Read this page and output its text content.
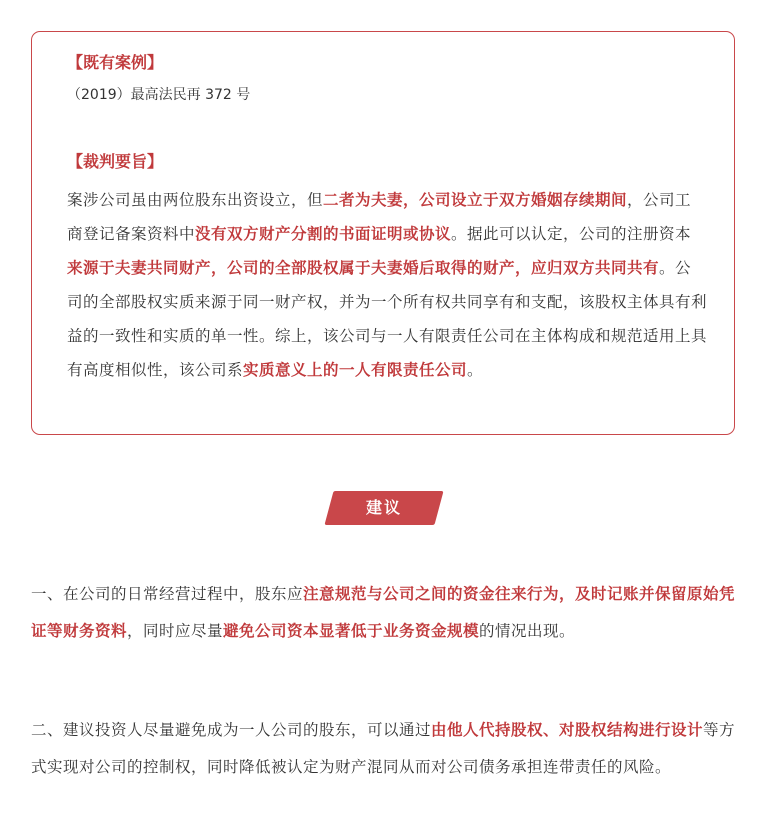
【既有案例】
（2019）最高法民再 372 号
【裁判要旨】
案涉公司虽由两位股东出资设立，但二者为夫妻，公司设立于双方婚姻存续期间，公司工商登记备案资料中没有双方财产分割的书面证明或协议。据此可以认定，公司的注册资本来源于夫妻共同财产，公司的全部股权属于夫妻婚后取得的财产，应归双方共同共有。公司的全部股权实质来源于同一财产权，并为一个所有权共同享有和支配，该股权主体具有利益的一致性和实质的单一性。综上，该公司与一人有限责任公司在主体构成和规范适用上具有高度相似性，该公司系实质意义上的一人有限责任公司。
建议
一、在公司的日常经营过程中，股东应注意规范与公司之间的资金往来行为，及时记账并保留原始凭证等财务资料，同时应尽量避免公司资本显著低于业务资金规模的情况出现。
二、建议投资人尽量避免成为一人公司的股东，可以通过由他人代持股权、对股权结构进行设计等方式实现对公司的控制权，同时降低被认定为财产混同从而对公司债务承担连带责任的风险。
